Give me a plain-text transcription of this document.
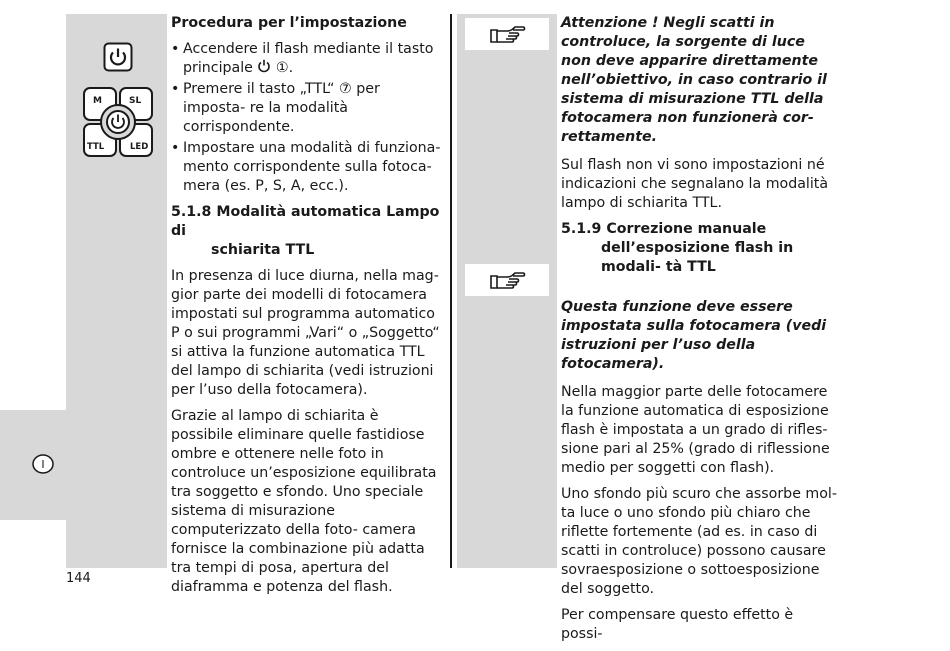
M	SL
TTL	LED
I

Procedura per l’impostazione

• Accendere il flash mediante il tasto principale ①.
• Premere il tasto „TTL“ ⑦ per imposta- re la modalità corrispondente.
• Impostare una modalità di funziona- mento corrispondente sulla fotoca- mera (es. P, S, A, ecc.).
5.1.8 Modalità automatica Lampo di
schiarita TTL

In presenza di luce diurna, nella mag- gior parte dei modelli di fotocamera impostati sul programma automatico P o sui programmi „Vari“ o „Soggetto“ si attiva la funzione automatica TTL del lampo di schiarita (vedi istruzioni per l’uso della fotocamera).

Grazie al lampo di schiarita è possibile eliminare quelle fastidiose ombre e ottenere nelle foto in controluce un’esposizione equilibrata tra soggetto e sfondo. Uno speciale sistema di misurazione computerizzato della foto- camera fornisce la combinazione più adatta tra tempi di posa, apertura del diaframma e potenza del flash.

Attenzione ! Negli scatti in controluce, la sorgente di luce non deve apparire direttamente nell’obiettivo, in caso contrario il sistema di misurazione TTL della fotocamera non funzionerà cor- rettamente.

Sul flash non vi sono impostazioni né indicazioni che segnalano la modalità lampo di schiarita TTL.

5.1.9 Correzione manuale
dell’esposizione flash in modali- tà TTL

Questa funzione deve essere impostata sulla fotocamera (vedi istruzioni per l’uso della fotocamera).

Nella maggior parte delle fotocamere la funzione automatica di esposizione flash è impostata a un grado di rifles- sione pari al 25% (grado di riflessione medio per soggetti con flash).

Uno sfondo più scuro che assorbe mol- ta luce o uno sfondo più chiaro che riflette fortemente (ad es. in caso di scatti in controluce) possono causare sovraesposizione o sottoesposizione del soggetto.

Per compensare questo effetto è possi-

144
